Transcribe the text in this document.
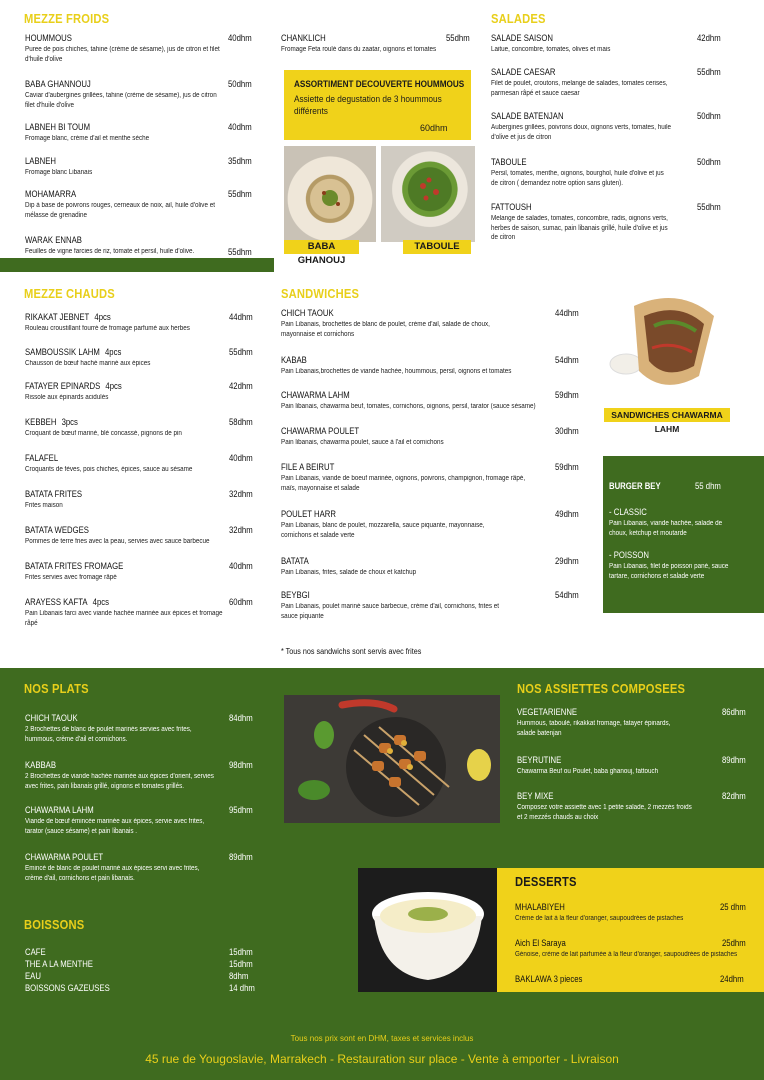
MEZZE FROIDS
HOUMMOUS
Puree de pois chiches, tahine (crème de sésame), jus de citron et filet d'huile d'olive
40dhm
BABA GHANNOUJ
Caviar d'aubergines grillées, tahine (crème de sésame), jus de citron filet d'huile d'olive
50dhm
LABNEH BI TOUM
Fromage blanc, crème d'ail et menthe sèche
40dhm
LABNEH
Fromage blanc Libanais
35dhm
MOHAMARRA
Dip à base de poivrons rouges, cerneaux de noix, ail, huile d'olive et mélasse de grenadine
55dhm
WARAK ENNAB
Feuilles de vigne farcies de riz, tomate et persil, huile d'olive.	55dhm
CHANKLICH
Fromage Feta roulé dans du zaatar, oignons et tomates
55dhm
ASSORTIMENT DECOUVERTE HOUMMOUS
Assiette de degustation de 3 hoummous différents
60dhm
BABA GHANOUJ
TABOULE
SALADES
SALADE SAISON
Laitue, concombre, tomates, olives et mais
42dhm
SALADE CAESAR
Filet de poulet, croutons, melange de salades, tomates cerises, parmesan râpé et sauce caesar
55dhm
SALADE BATENJAN
Aubergines grillées, poivrons doux, oignons verts, tomates, huile d'olive et jus de citron
50dhm
TABOULE
Persil, tomates, menthe, oignons, bourghol, huile d'olive et jus de citron ( demandez notre option sans gluten).
50dhm
FATTOUSH
Melange de salades, tomates, concombre, radis, oignons verts, herbes de saison, sumac, pain libanais grillé, huile d'olive et jus de citron
55dhm
MEZZE CHAUDS
RIKAKAT JEBNET 4pcs
Rouleau croustillant fourré de fromage parfumé aux herbes
44dhm
SAMBOUSSIK LAHM 4pcs
Chausson de bœuf haché mariné aux épices
55dhm
FATAYER EPINARDS 4pcs
Rissole aux épinards acidulés
42dhm
KEBBEH 3pcs
Croquant de bœuf mariné, blé concassé, pignons de pin
58dhm
FALAFEL
Croquants de fèves, pois chiches, épices, sauce au sésame
40dhm
BATATA FRITES
Frites maison
32dhm
BATATA WEDGES
Pommes de terre fries avec la peau, servies avec sauce barbecue
32dhm
BATATA FRITES FROMAGE
Frites servies avec fromage râpé
40dhm
ARAYESS KAFTA 4pcs
Pain Libanais farci avec viande hachée marinée aux épices et fromage râpé
60dhm
SANDWICHES
CHICH TAOUK
Pain Libanais, brochettes de blanc de poulet, crème d'ail, salade de choux, mayonnaise et cornichons
44dhm
KABAB
Pain Libanais,brochettes de viande hachée, hoummous, persil, oignons et tomates
54dhm
CHAWARMA LAHM
Pain libanais, chawarma beuf, tomates, cornichons, oignons, persil, tarator (sauce sésame)
59dhm
CHAWARMA POULET
Pain libanais, chawarma poulet, sauce à l'ail et cornichons
30dhm
FILE A BEIRUT
Pain Libanais, viande de boeuf marinée, oignons, poivrons, champignon, fromage râpé, maïs, mayonnaise et salade
59dhm
POULET HARR
Pain Libanais, blanc de poulet, mozzarella, sauce piquante, mayonnaise, cornichons et salade verte
49dhm
BATATA
Pain Libanais, frites, salade de choux et katchup
29dhm
BEYBGI
Pain Libanais, poulet mariné sauce barbecue, crème d'ail, cornichons, frites et sauce piquante
54dhm
* Tous nos sandwichs sont servis avec frites
SANDWICHES CHAWARMA LAHM
BURGER BEY	55 dhm
- CLASSIC
Pain Libanais, viande hachée, salade de choux, ketchup et moutarde
- POISSON
Pain Libanais, filet de poisson pané, sauce tartare, cornichons et salade verte
NOS PLATS
CHICH TAOUK
2 Brochettes de blanc de poulet marinés servies avec frites, hummous, crème d'ail et cornichons.
84dhm
KABBAB
2 Brochettes de viande hachée marinée aux épices d'orient, servies avec frites, pain libanais grillé, oignons et tomates grillés.
98dhm
CHAWARMA LAHM
Viande de bœuf émincée marinée aux épices, servie avec frites, tarator (sauce sésame) et pain libanais .
95dhm
CHAWARMA POULET
Emincé de blanc de poulet mariné aux épices servi avec frites, crème d'ail, cornichons et pain libanais.
89dhm
BOISSONS
CAFE	15dhm
THE A LA MENTHE	15dhm
EAU	8dhm
BOISSONS GAZEUSES	14 dhm
NOS ASSIETTES COMPOSEES
VEGETARIENNE
Hummous, taboulé, rikakkat fromage, fatayer épinards, salade batenjan
86dhm
BEYRUTINE
Chawarma Beuf ou Poulet, baba ghanouj, fattouch
89dhm
BEY MIXE
Composez votre assiette avec 1 petite salade, 2 mezzés froids et 2 mezzés chauds au choix
82dhm
DESSERTS
MHALABIYEH
Crème de lait à la fleur d'oranger, saupoudrées de pistaches
25 dhm
Aich El Saraya
Génoise, crème de lait parfumée à la fleur d'oranger, saupoudrées de pistaches
25dhm
BAKLAWA 3 pieces	24dhm
Tous nos prix sont en DHM, taxes et services inclus
45 rue de Yougoslavie, Marrakech - Restauration sur place - Vente à emporter - Livraison
